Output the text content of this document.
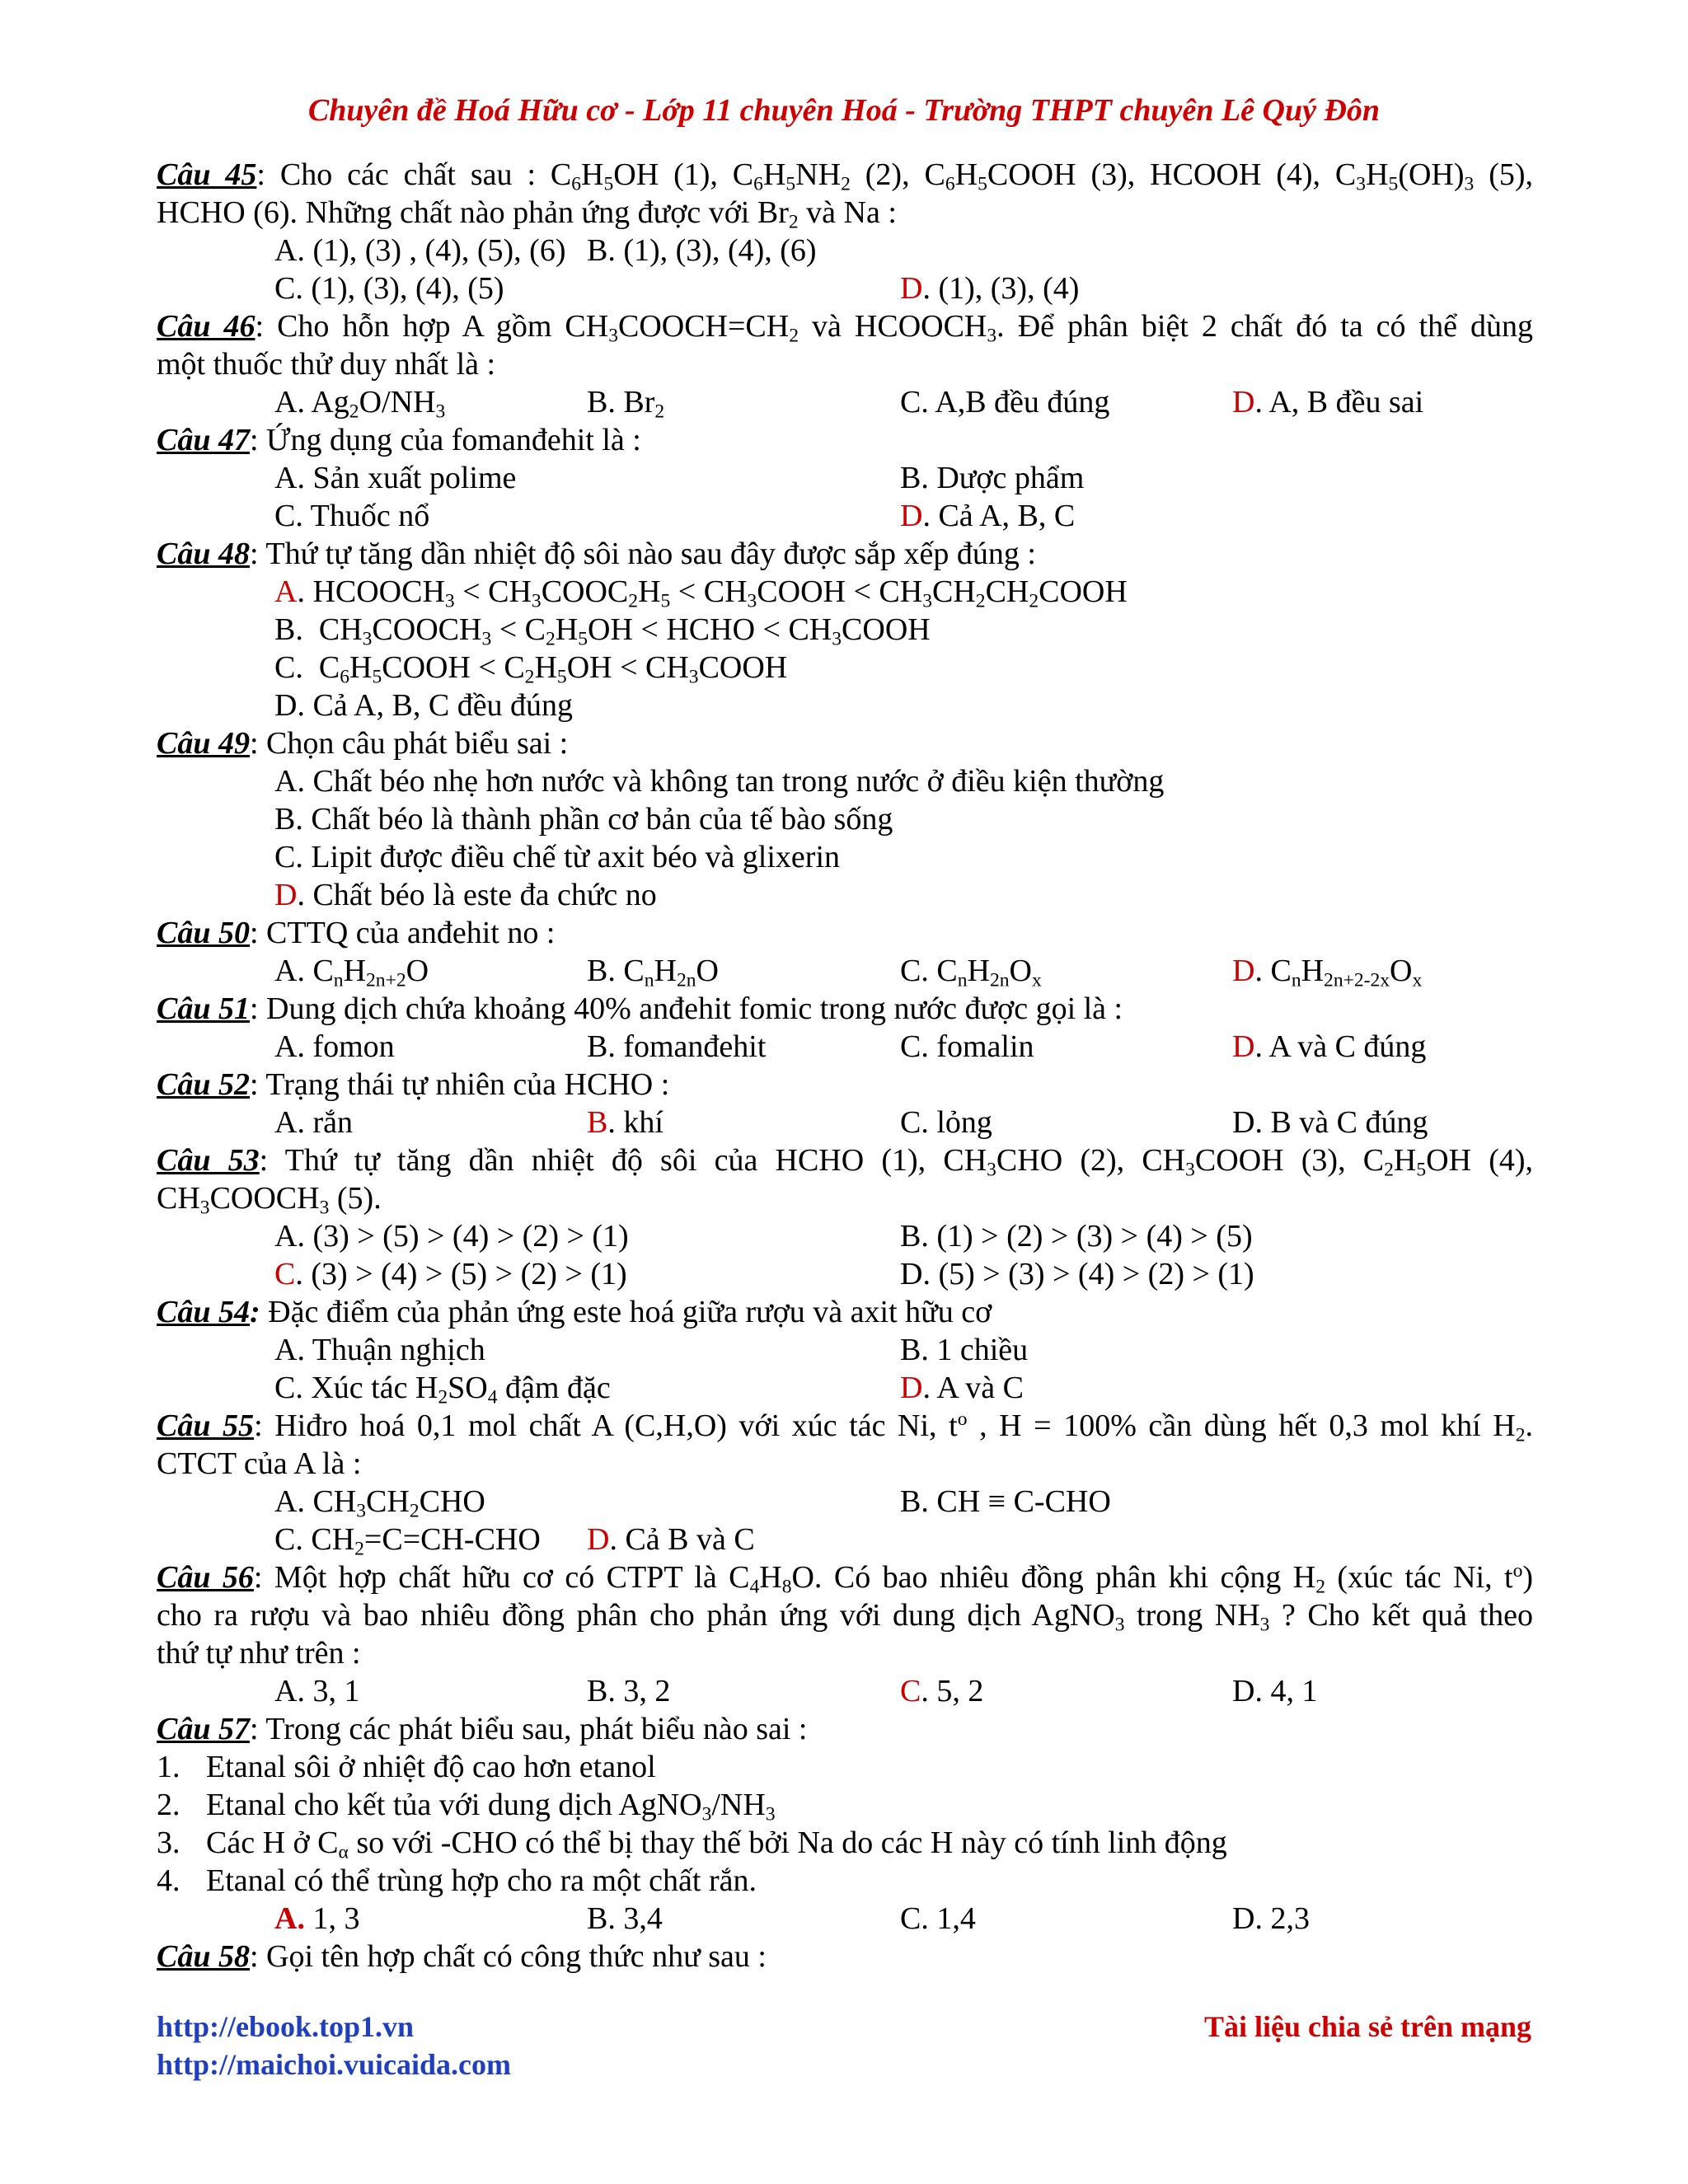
Chuyên đề Hoá Hữu cơ - Lớp 11 chuyên Hoá - Trường THPT chuyên Lê Quý Đôn
Câu 45: Cho các chất sau : $C_6H_5OH$ (1), $C_6H_5NH_2$ (2), $C_6H_5COOH$ (3), HCOOH (4), $C_3H_5(OH)_3$ (5),
HCHO (6). Những chất nào phản ứng được với $Br_2$ và Na :
A. (1), (3) , (4), (5), (6) B. (1), (3), (4), (6)
C. (1), (3), (4), (5)	D. (1), (3), (4)
Câu 46: Cho hỗn hợp A gồm $CH_3COOCH=CH_2$ và $HCOOCH_3$. Để phân biệt 2 chất đó ta có thể dùng
một thuốc thử duy nhất là :
A. $Ag_2O/NH_3$	B. $Br_2$	C. A,B đều đúng	D. A, B đều sai
Câu 47: Ứng dụng của fomanđehit là :
A. Sản xuất polime	B. Dược phẩm
C. Thuốc nổ	D. Cả A, B, C
Câu 48: Thứ tự tăng dần nhiệt độ sôi nào sau đây được sắp xếp đúng :
A. $HCOOCH_3$ < $CH_3COOC_2H_5$ < $CH_3COOH$ < $CH_3CH_2CH_2COOH$
B.  $CH_3COOCH_3 < C_2H_5OH$ < HCHO < $CH_3COOH$
C.  $C_6H_5COOH < C_2H_5OH$ < $CH_3COOH$
D. Cả A, B, C đều đúng
Câu 49: Chọn câu phát biểu sai :
A. Chất béo nhẹ hơn nước và không tan trong nước ở điều kiện thường
B. Chất béo là thành phần cơ bản của tế bào sống
C. Lipit được điều chế từ axit béo và glixerin
D. Chất béo là este đa chức no
Câu 50: CTTQ của anđehit no :
A. $C_nH_{2n+2}O$	B. $C_nH_{2n}O$	C. $C_nH_{2n}O_x$	D. $C_nH_{2n+2-2x}O_x$
Câu 51: Dung dịch chứa khoảng 40% anđehit fomic trong nước được gọi là :
A. fomon	B. fomanđehit	C. fomalin	D. A và C đúng
Câu 52: Trạng thái tự nhiên của HCHO :
A. rắn	B. khí	C. lỏng	D. B và C đúng
Câu 53: Thứ tự tăng dần nhiệt độ sôi của HCHO (1), $CH_3CHO$ (2), $CH_3COOH$ (3), $C_2H_5OH$ (4),
$CH_3COOCH_3$ (5).
A. (3) > (5) > (4) > (2) > (1)	B. (1) > (2) > (3) > (4) > (5)
C. (3) > (4) > (5) > (2) > (1)	D. (5) > (3) > (4) > (2) > (1)
Câu 54: Đặc điểm của phản ứng este hoá giữa rượu và axit hữu cơ
A. Thuận nghịch	B. 1 chiều
C. Xúc tác $H_2SO_4$ đậm đặc	D. A và C
Câu 55: Hiđro hoá 0,1 mol chất A (C,H,O) với xúc tác Ni, $t^o$ , H = 100% cần dùng hết 0,3 mol khí $H_2$.
CTCT của A là :
A. $CH_3CH_2CHO$	B. CH ≡ C-CHO
C. $CH_2=C=CH$-CHO D. Cả B và C
Câu 56: Một hợp chất hữu cơ có CTPT là $C_4H_8O$. Có bao nhiêu đồng phân khi cộng $H_2$ (xúc tác Ni, $t^o$)
cho ra rượu và bao nhiêu đồng phân cho phản ứng với dung dịch AgNO$_3$ trong $NH_3$ ? Cho kết quả theo
thứ tự như trên :
A. 3, 1	B. 3, 2	C. 5, 2	D. 4, 1
Câu 57: Trong các phát biểu sau, phát biểu nào sai :
1. Etanal sôi ở nhiệt độ cao hơn etanol
2. Etanal cho kết tủa với dung dịch $AgNO_3/NH_3$
3. Các H ở $C_\alpha$ so với -CHO có thể bị thay thế bởi Na do các H này có tính linh động
4. Etanal có thể trùng hợp cho ra một chất rắn.
A. 1, 3	B. 3,4	C. 1,4	D. 2,3
Câu 58: Gọi tên hợp chất có công thức như sau :
http://ebook.top1.vn
http://maichoi.vuicaida.com
Tài liệu chia sẻ trên mạng
